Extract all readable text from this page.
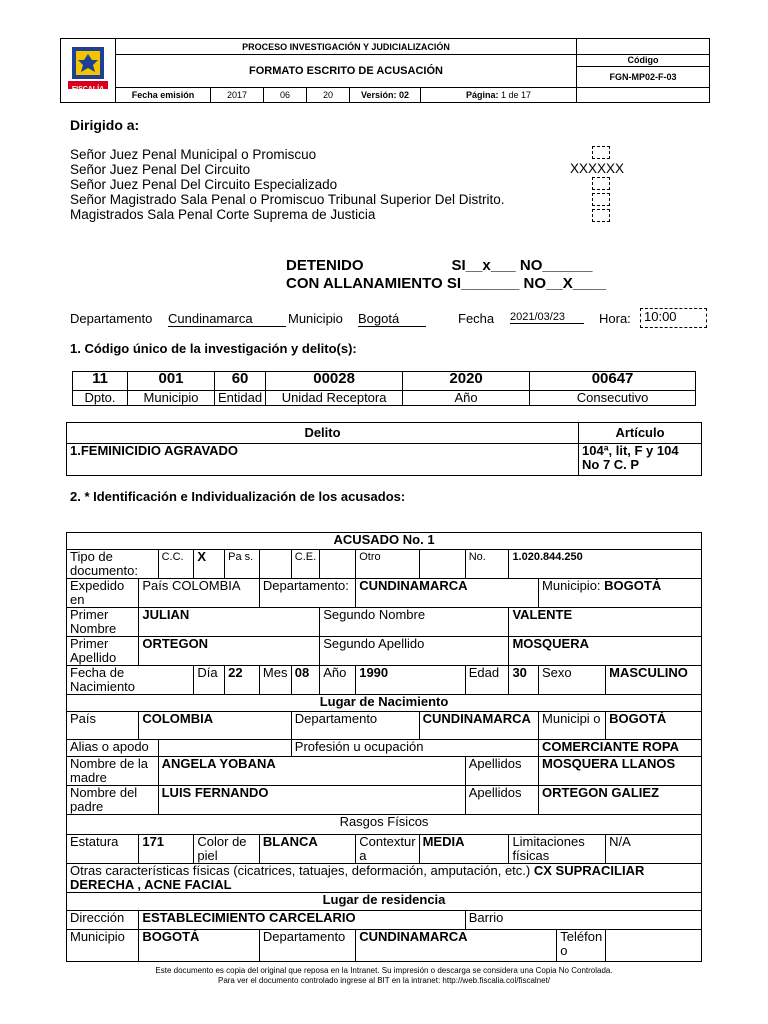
FISCALÍA	PROCESO INVESTIGACIÓN Y JUDICIALIZACIÓN						
	FORMATO ESCRITO DE ACUSACIÓN						Código
FGN-MP02-F-03

	Fecha emisión	2017	06	20	Versión: 02	Página: 1 de 17	
Dirigido a:
Señor Juez Penal Municipal o Promiscuo
Señor Juez Penal Del Circuito
Señor Juez Penal Del Circuito Especializado
Señor Magistrado Sala Penal o Promiscuo Tribunal Superior Del Distrito.
Magistrados Sala Penal Corte Suprema de Justicia
XXXXXX
DETENIDO	SI__x___ NO______
CON ALLANAMIENTO SI_______ NO__X____
Departamento Cundinamarca	Municipio Bogotá	Fecha 2021/03/23	Hora:	10:00
1. Código único de la investigación y delito(s):
11	001	60	00028	2020	00647
Dpto.	Municipio	Entidad	Unidad Receptora	Año	Consecutivo
Delito	Artículo
1.FEMINICIDIO AGRAVADO	104ª, lit, F y 104 No 7 C. P
2. * Identificación e Individualización de los acusados:
ACUSADO No. 1														
Tipo de documento:		C.C.	X	Pa s.		C.E.		Otro		No.	1.020.844.250			
Expedido en	País COLOMBIA				Departamento:			CUNDINAMARCA				Municipio: BOGOTÁ		
Primer Nombre	JULIAN						Segundo Nombre				VALENTE			
Primer Apellido	ORTEGON						Segundo Apellido				MOSQUERA			
Fecha de Nacimiento			Día	22	Mes	08	Año	1990		Edad	30	Sexo		MASCULINO
Lugar de Nacimiento														
País	COLOMBIA					Departamento			CUNDINAMARCA			Municipi o		BOGOTÁ
Alias o apodo						Profesión u ocupación						COMERCIANTE ROPA		
Nombre de la madre		ANGELA YOBANA								Apellidos		MOSQUERA LLANOS		
Nombre del padre		LUIS FERNANDO								Apellidos		ORTEGON GALIEZ		
Rasgos Físicos														
Estatura	171		Color de piel		BLANCA			Contextur a	MEDIA		Limitaciones físicas			N/A
Otras características físicas (cicatrices, tatuajes, deformación, amputación, etc.) CX SUPRACILIAR DERECHA , ACNE FACIAL														
Lugar de residencia														
Dirección	ESTABLECIMIENTO CARCELARIO									Barrio				
Municipio	BOGOTÁ				Departamento			CUNDINAMARCA					Teléfon o	
Este documento es copia del original que reposa en la Intranet. Su impresión o descarga se considera una Copia No Controlada.
Para ver el documento controlado ingrese al BIT en la intranet: http://web.fiscalia.col/fiscalnet/
